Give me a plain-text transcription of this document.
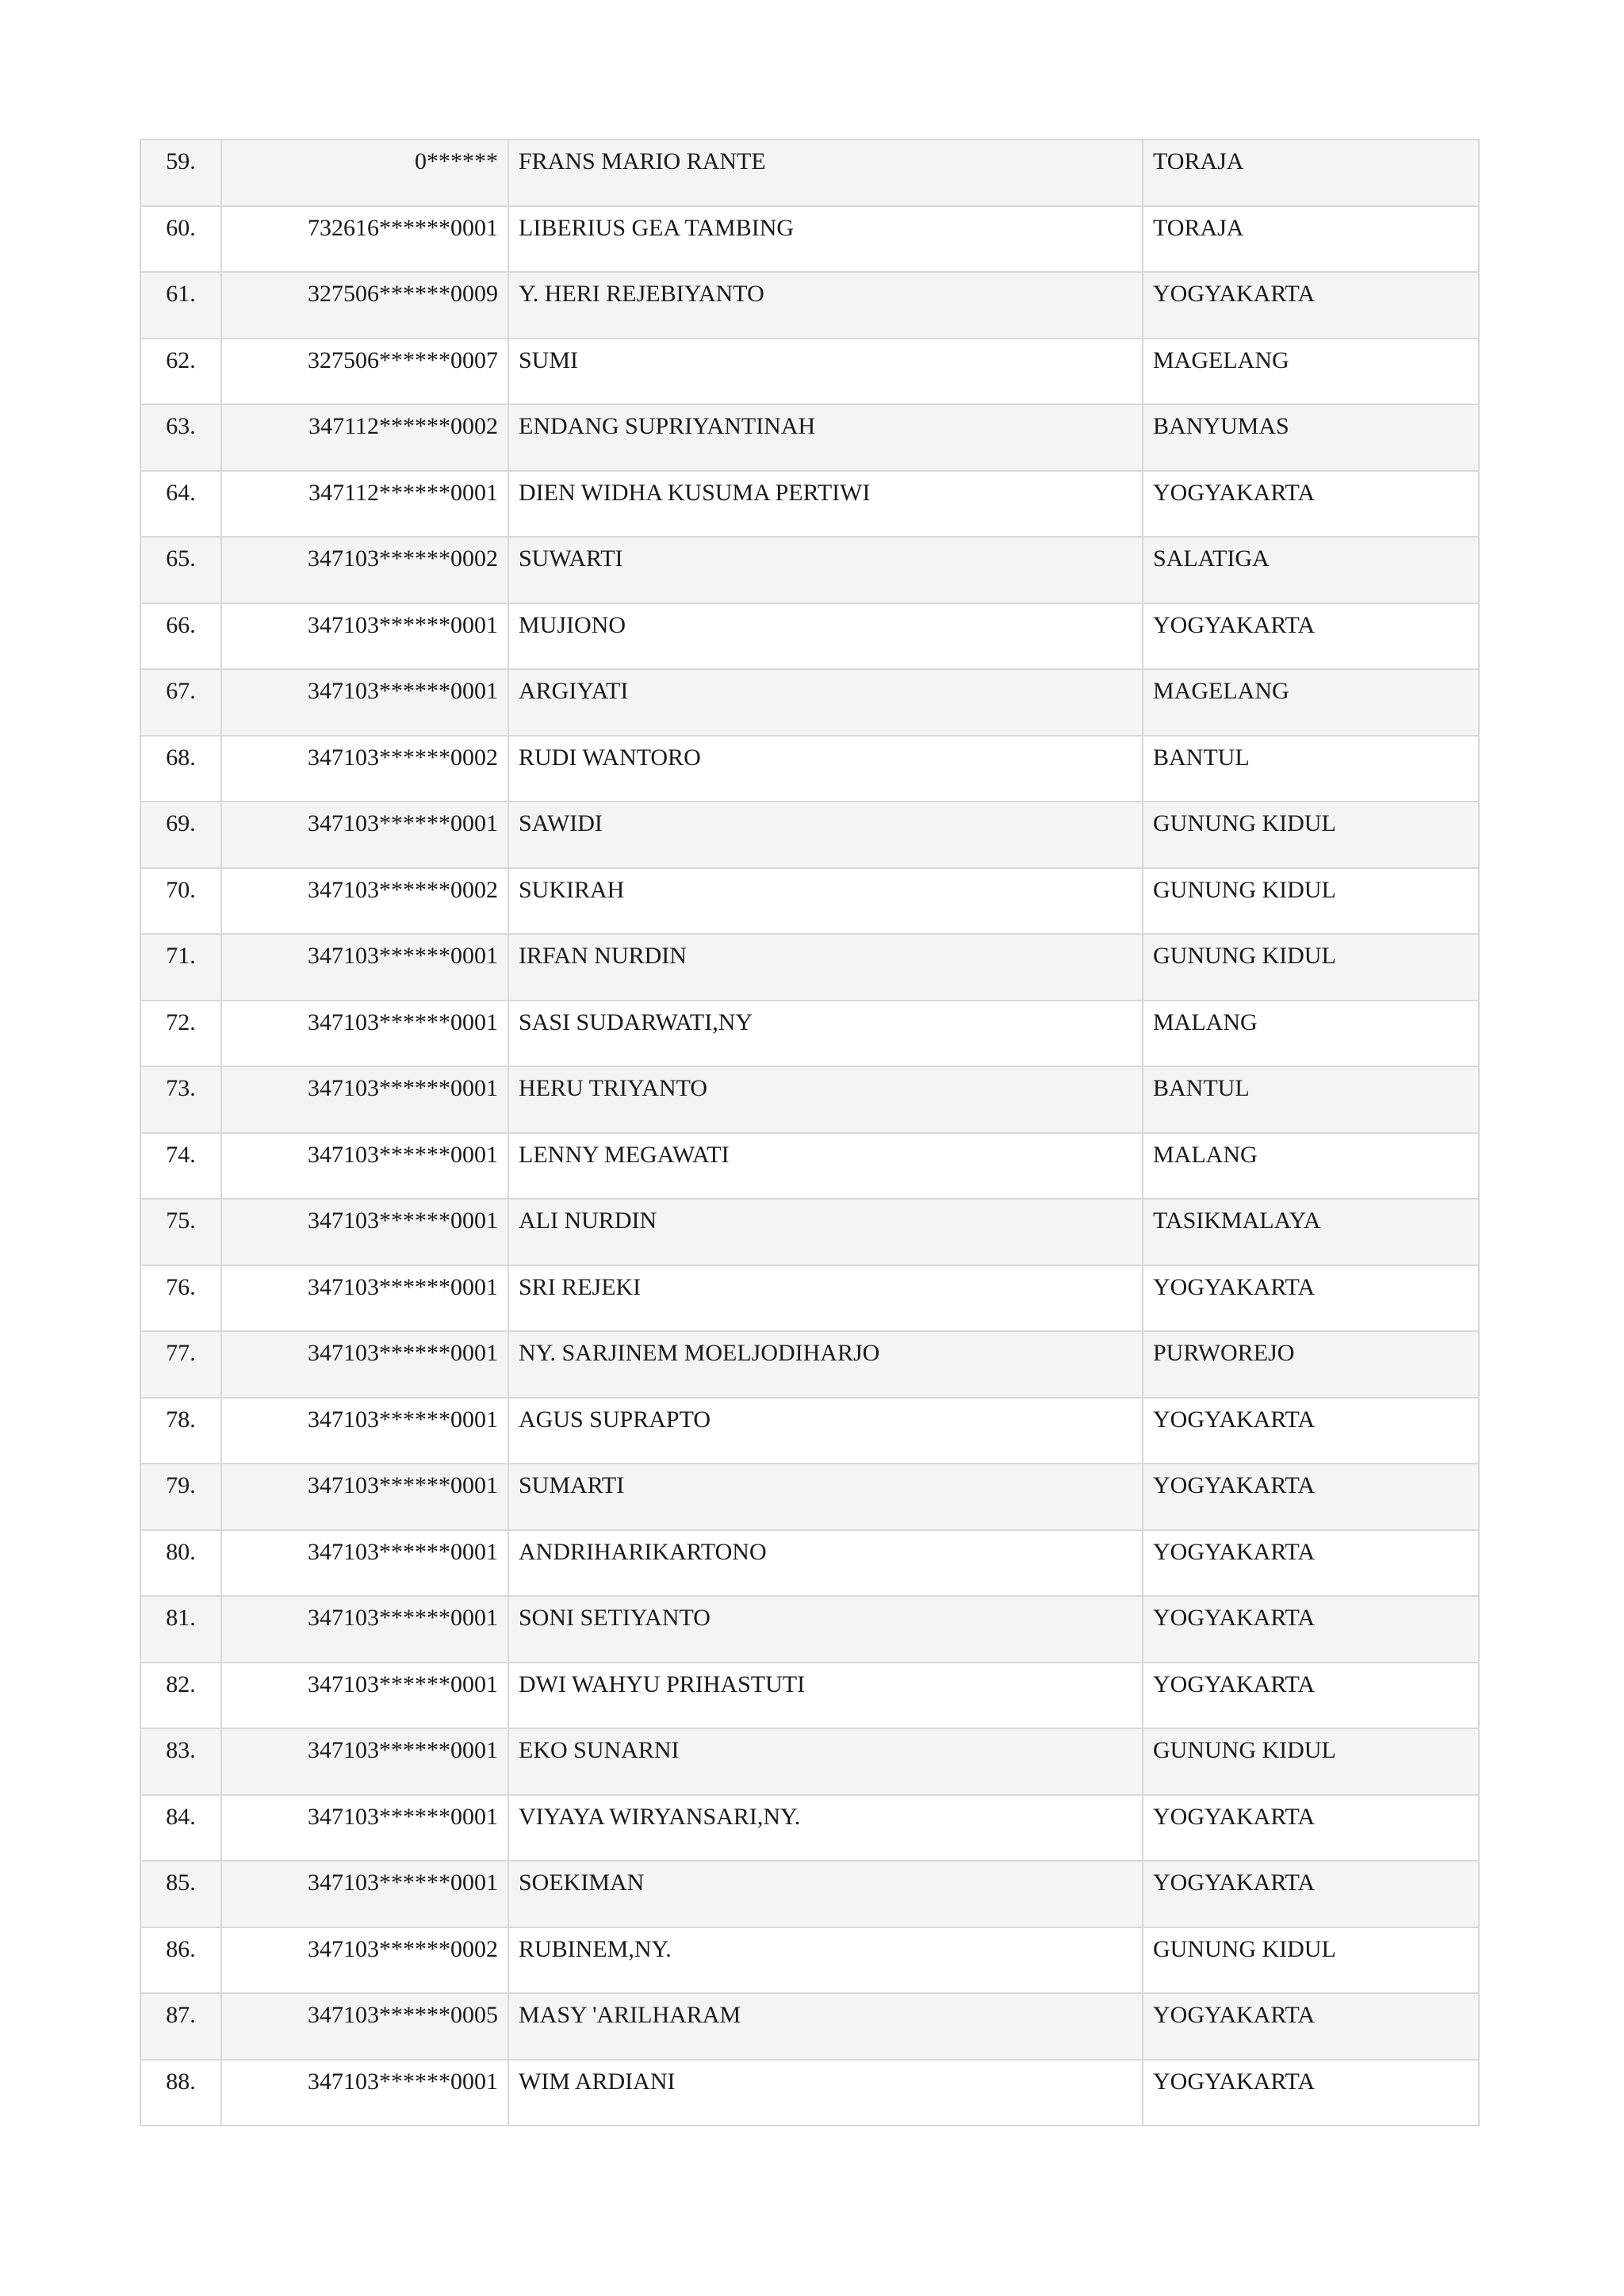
59.	0******	FRANS MARIO RANTE	TORAJA
60.	732616******0001	LIBERIUS GEA TAMBING	TORAJA
61.	327506******0009	Y. HERI REJEBIYANTO	YOGYAKARTA
62.	327506******0007	SUMI	MAGELANG
63.	347112******0002	ENDANG SUPRIYANTINAH	BANYUMAS
64.	347112******0001	DIEN WIDHA KUSUMA PERTIWI	YOGYAKARTA
65.	347103******0002	SUWARTI	SALATIGA
66.	347103******0001	MUJIONO	YOGYAKARTA
67.	347103******0001	ARGIYATI	MAGELANG
68.	347103******0002	RUDI WANTORO	BANTUL
69.	347103******0001	SAWIDI	GUNUNG KIDUL
70.	347103******0002	SUKIRAH	GUNUNG KIDUL
71.	347103******0001	IRFAN NURDIN	GUNUNG KIDUL
72.	347103******0001	SASI SUDARWATI,NY	MALANG
73.	347103******0001	HERU TRIYANTO	BANTUL
74.	347103******0001	LENNY MEGAWATI	MALANG
75.	347103******0001	ALI NURDIN	TASIKMALAYA
76.	347103******0001	SRI REJEKI	YOGYAKARTA
77.	347103******0001	NY. SARJINEM MOELJODIHARJO	PURWOREJO
78.	347103******0001	AGUS SUPRAPTO	YOGYAKARTA
79.	347103******0001	SUMARTI	YOGYAKARTA
80.	347103******0001	ANDRIHARIKARTONO	YOGYAKARTA
81.	347103******0001	SONI SETIYANTO	YOGYAKARTA
82.	347103******0001	DWI WAHYU PRIHASTUTI	YOGYAKARTA
83.	347103******0001	EKO SUNARNI	GUNUNG KIDUL
84.	347103******0001	VIYAYA WIRYANSARI,NY.	YOGYAKARTA
85.	347103******0001	SOEKIMAN	YOGYAKARTA
86.	347103******0002	RUBINEM,NY.	GUNUNG KIDUL
87.	347103******0005	MASY 'ARILHARAM	YOGYAKARTA
88.	347103******0001	WIM ARDIANI	YOGYAKARTA
